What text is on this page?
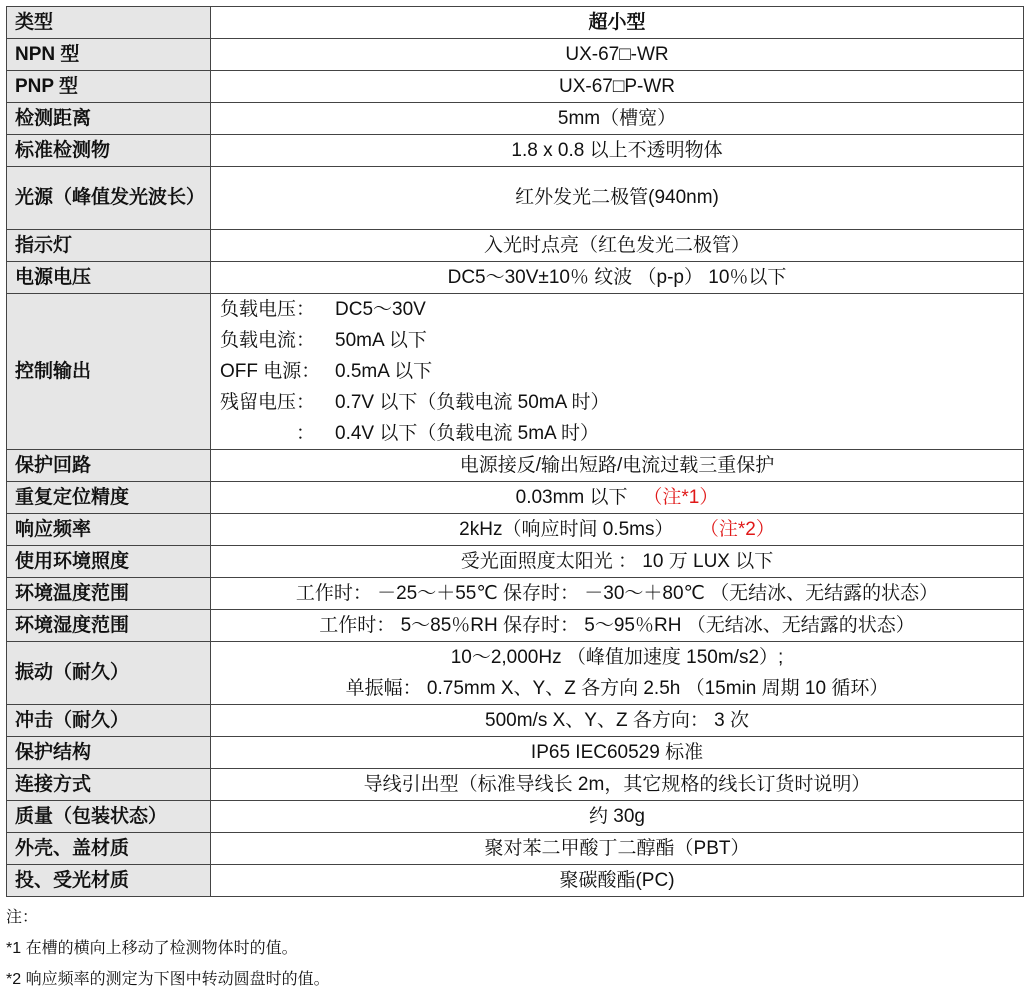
类型	超小型
NPN 型	UX-67□-WR
PNP 型	UX-67□P-WR
检测距离	5mm（槽宽）
标准检测物	1.8 x 0.8 以上不透明物体
光源（峰值发光波长）	红外发光二极管(940nm)
指示灯	入光时点亮（红色发光二极管）
电源电压	DC5～30V±10％ 纹波 （p-p） 10％以下
控制输出	负载电压： DC5～30V
负载电流： 50mA 以下
OFF 电源： 0.5mA 以下
残留电压： 0.7V 以下（负载电流 50mA 时）
： 0.4V 以下（负载电流 5mA 时）

保护回路	电源接反/输出短路/电流过载三重保护
重复定位精度	0.03mm 以下 （注*1）
响应频率	2kHz（响应时间 0.5ms） （注*2）
使用环境照度	受光面照度太阳光 ： 10 万 LUX 以下
环境温度范围	工作时： －25～＋55℃ 保存时： －30～＋80℃ （无结冰、无结露的状态）
环境湿度范围	工作时： 5～85％RH 保存时： 5～95％RH （无结冰、无结露的状态）
振动（耐久）	10～2,000Hz （峰值加速度 150m/s2）;
单振幅： 0.75mm X、Y、Z 各方向 2.5h （15min 周期 10 循环）

冲击（耐久）	500m/s X、Y、Z 各方向： 3 次
保护结构	IP65 IEC60529 标准
连接方式	导线引出型（标准导线长 2m，其它规格的线长订货时说明）
质量（包装状态）	约 30g
外壳、盖材质	聚对苯二甲酸丁二醇酯（PBT）
投、受光材质	聚碳酸酯(PC)
注：
*1 在槽的横向上移动了检测物体时的值。
*2 响应频率的测定为下图中转动圆盘时的值。
